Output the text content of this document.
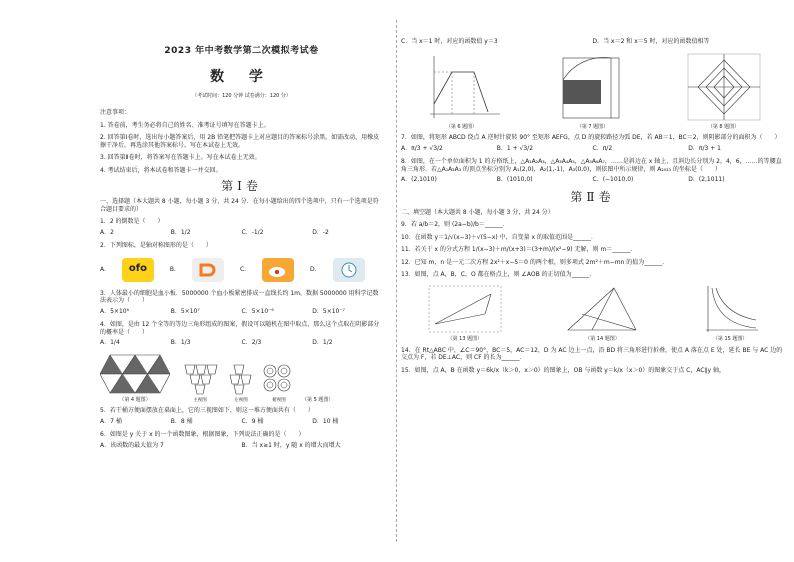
2023 年中考数学第二次模拟考试卷
数 学
（考试时间：120 分钟 试卷满分：120 分）
注意事项：
1. 答卷前，考生务必将自己的姓名、准考证号填写在答题卡上。
2. 回答第Ⅰ卷时，选出每小题答案后，用 2B 铅笔把答题卡上对应题目的答案标号涂黑。如需改动，用橡皮擦干净后，再选涂其他答案标号。写在本试卷上无效。
3. 回答第Ⅱ卷时，将答案写在答题卡上。写在本试卷上无效。
4. 考试结束后，将本试卷和答题卡一并交回。
第Ⅰ卷
一、选择题（本大题共 8 小题，每小题 3 分，共 24 分．在每小题给出的四个选项中，只有一个选项是符合题目要求的）
1．2 的倒数是（　　）
A．2	B．1/2	C．-1/2	D．-2
2．下列图标，是轴对称图形的是（　　）
A.	ofo	B.	C.	D.
3．人体最小的细胞是血小板．5000000 个血小板紧密排成一直线长约 1m，数据 5000000 用科学记数法表示为（　　）
A．5×10⁶	B．5×10⁷	C．5×10⁻⁶	D．5×10⁻⁷
4．如图，是由 12 个全等的等边三角形组成的图案，假设可以随机在图中取点，那么这个点取在阴影部分的概率是（　　）
A．1/4	B．1/3	C．2/3	D．1/2
（第 4 题图）	主视图	左视图	俯视图	（第 5 题图）
5．若干桶方便面摆放在桌面上，它的三视图如下，则这一堆方便面共有（　　）
A．7 桶	B．8 桶	C．9 桶	D．10 桶
6．如图是 y 关于 x 的一个函数图象，根据图象，下列说法正确的是（　　）
A．该函数的最大值为 7	B．当 x≥1 时，y 随 x 的增大而增大
C．当 x＝1 时，对应的函数值 y＝3	D．当 x＝2 和 x＝5 时，对应的函数值相等
（第 6 题图）	（第 7 题图）	（第 8 题图）
7．如图，将矩形 ABCD 绕点 A 逆时针旋转 90° 至矩形 AEFG，点 D 的旋转路径为弧 DE，若 AB＝1，BC＝2，则阴影部分的面积为（　　）
A．π/3 + √3/2	B．1 + √3/2	C．π/2	D．π/3 + 1
8．如图，在一个单位面积为 1 的方格纸上，△A₁A₂A₃，△A₃A₄A₅，△A₅A₆A₇，……是斜边在 x 轴上，且斜边长分别为 2，4，6，……的等腰直角三角形．若△A₁A₂A₃ 的顶点坐标分别为 A₁(2,0)，A₂(1,-1)，A₃(0,0)，则依图中所示规律，则 A₂₀₂₃ 的坐标是（　　）
A．(2,1010)	B．(1010,0)	C．(−1010,0)	D．(2,1011)
第Ⅱ卷
二、填空题（本大题共 8 小题，每小题 3 分，共 24 分）
9．若 a/b＝2，则 (2a−b)/b＝______．
10．在函数 y＝1/√(x−3)＋√(5−x) 中，自变量 x 的取值范围是______．
11．若关于 x 的分式方程 1/(x−3)＋m/(x+3)＝(3+m)/(x²−9) 无解，则 m＝______．
12．已知 m，n 是一元二次方程 2x²＋x−5＝0 的两个根，则多项式 2m²＋m−mn 的值为______．
13．如图，点 A，B，C，O 都在格点上，则 ∠AOB 的正切值为______．
（第 13 题图）	（第 14 题图）	（第 15 题图）
14．在 Rt△ABC 中，∠C＝90°，BC＝5，AC＝12，D 为 AC 边上一点，沿 BD 将三角形进行折叠，使点 A 落在点 E 处，延长 BE 与 AC 边的交点为 F，若 DE⊥AC，则 CF 的长为______．
15．如图，点 A，B 在函数 y＝6k/x（k＞0，x＞0）的图象上，OB 与函数 y＝k/x（x＞0）的图象交于点 C，AC∥y 轴，
